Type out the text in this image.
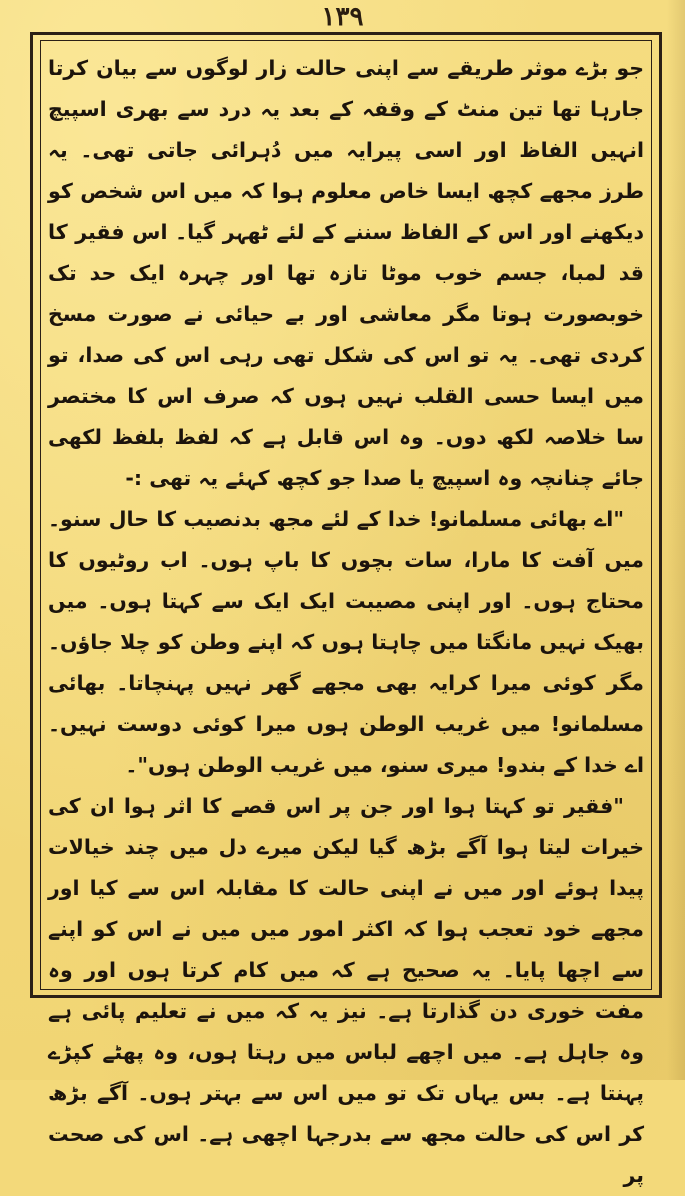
۱۳۹

جو بڑے موثر طریقے سے اپنی حالت زار لوگوں سے بیان کرتا جارہا تھا تین منٹ کے وقفہ کے بعد یہ درد سے بھری اسپیچ انہیں الفاظ اور اسی پیرایہ میں دُہرائی جاتی تھی۔ یہ طرز مجھے کچھ ایسا خاص معلوم ہوا کہ میں اس شخص کو دیکھنے اور اس کے الفاظ سننے کے لئے ٹھہر گیا۔ اس فقیر کا قد لمبا، جسم خوب موٹا تازہ تھا اور چہرہ ایک حد تک خوبصورت ہوتا مگر معاشی اور بے حیائی نے صورت مسخ کردی تھی۔ یہ تو اس کی شکل تھی رہی اس کی صدا، تو میں ایسا حسی القلب نہیں ہوں کہ صرف اس کا مختصر سا خلاصہ لکھ دوں۔ وہ اس قابل ہے کہ لفظ بلفظ لکھی جائے چنانچہ وہ اسپیچ یا صدا جو کچھ کہئے یہ تھی :-

"اے بھائی مسلمانو! خدا کے لئے مجھ بدنصیب کا حال سنو۔ میں آفت کا مارا، سات بچوں کا باپ ہوں۔ اب روٹیوں کا محتاج ہوں۔ اور اپنی مصیبت ایک ایک سے کہتا ہوں۔ میں بھیک نہیں مانگتا میں چاہتا ہوں کہ اپنے وطن کو چلا جاؤں۔ مگر کوئی میرا کرایہ بھی مجھے گھر نہیں پہنچاتا۔ بھائی مسلمانو! میں غریب الوطن ہوں میرا کوئی دوست نہیں۔ اے خدا کے بندو! میری سنو، میں غریب الوطن ہوں"۔

"فقیر تو کہتا ہوا اور جن پر اس قصے کا اثر ہوا ان کی خیرات لیتا ہوا آگے بڑھ گیا لیکن میرے دل میں چند خیالات پیدا ہوئے اور میں نے اپنی حالت کا مقابلہ اس سے کیا اور مجھے خود تعجب ہوا کہ اکثر امور میں میں نے اس کو اپنے سے اچھا پایا۔ یہ صحیح ہے کہ میں کام کرتا ہوں اور وہ مفت خوری دن گذارتا ہے۔ نیز یہ کہ میں نے تعلیم پائی ہے وہ جاہل ہے۔ میں اچھے لباس میں رہتا ہوں، وہ پھٹے کپڑے پہنتا ہے۔ بس یہاں تک تو میں اس سے بہتر ہوں۔ آگے بڑھ کر اس کی حالت مجھ سے بدرجہا اچھی ہے۔ اس کی صحت پر
